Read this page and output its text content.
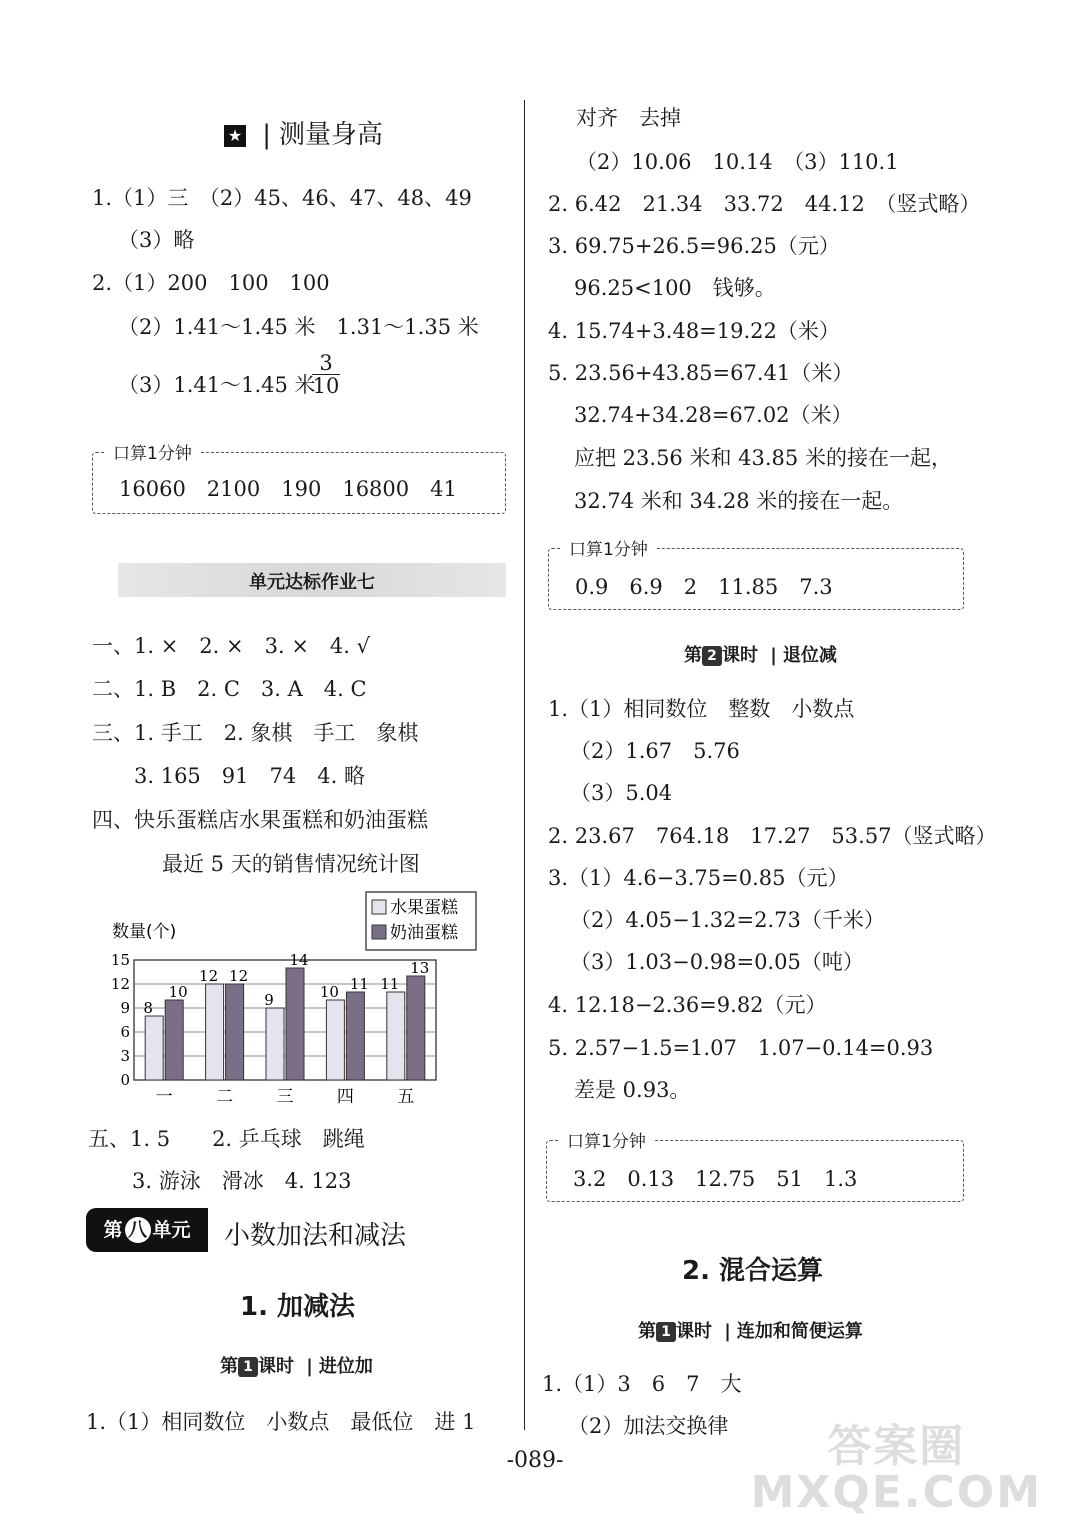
★ | 测量身高
1.（1）三　（2）45、46、47、48、49
（3）略
2.（1）200　100　100
（2）1.41～1.45 米　1.31～1.35 米
（3）1.41～1.45 米
$\frac{3}{10}$
口算1分钟
16060　2100　190　16800　41
单元达标作业七
一、1. ×　2. ×　3. ×　4. √
二、1. B　2. C　3. A　4. C
三、1. 手工　2. 象棋　手工　象棋
3. 165　91　74　4. 略
四、快乐蛋糕店水果蛋糕和奶油蛋糕
最近 5 天的销售情况统计图
0
3
6
9
12
15
数量(个)
8
10
一
12 12
二
9
14
三
10 11
四
11
13
五
水果蛋糕
奶油蛋糕
五、1. 5　　2. 乒乓球　跳绳
3. 游泳　滑冰　4. 123
第 八 单元	小数加法和减法
1. 加减法
第 1 课时 | 进位加
1.（1）相同数位　小数点　最低位　进 1
对齐　去掉
（2）10.06　10.14　（3）110.1
2. 6.42　21.34　33.72　44.12　（竖式略）
3. 69.75+26.5=96.25（元）
96.25<100　钱够。
4. 15.74+3.48=19.22（米）
5. 23.56+43.85=67.41（米）
32.74+34.28=67.02（米）
应把 23.56 米和 43.85 米的接在一起，
32.74 米和 34.28 米的接在一起。
口算1分钟
0.9　6.9　2　11.85　7.3
第 2 课时 | 退位减
1.（1）相同数位　整数　小数点
（2）1.67　5.76
（3）5.04
2. 23.67　764.18　17.27　53.57（竖式略）
3.（1）4.6−3.75=0.85（元）
（2）4.05−1.32=2.73（千米）
（3）1.03−0.98=0.05（吨）
4. 12.18−2.36=9.82（元）
5. 2.57−1.5=1.07　1.07−0.14=0.93
差是 0.93。
口算1分钟
3.2　0.13　12.75　51　1.3
2. 混合运算
第 1 课时 | 连加和简便运算
1.（1）3　6　7　大
（2）加法交换律
-089-	答案圈
MXQE.COM
